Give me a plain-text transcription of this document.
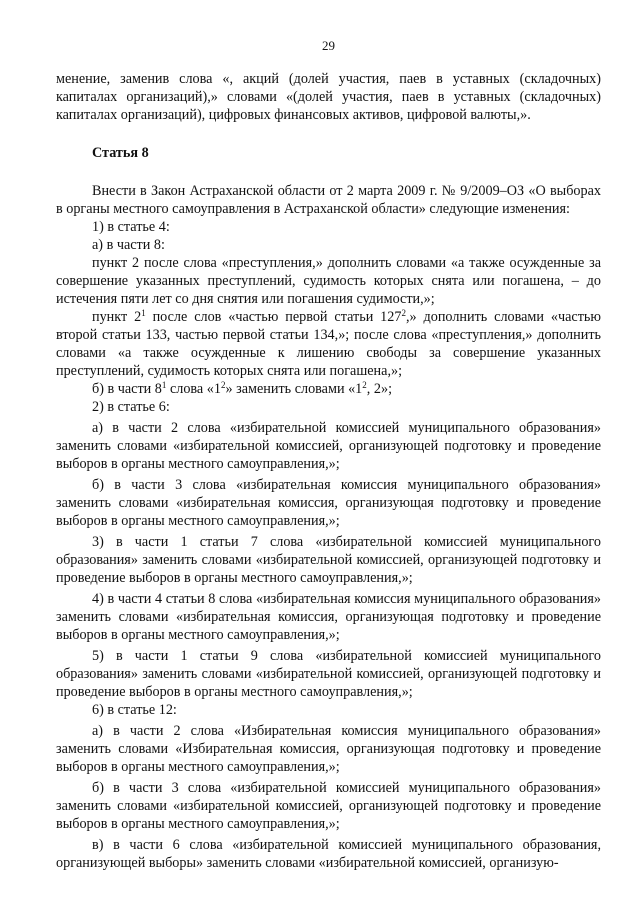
29

менение, заменив слова «, акций (долей участия, паев в уставных (складочных) капиталах организаций),» словами «(долей участия, паев в уставных (складочных) капиталах организаций), цифровых финансовых активов, цифровой валюты,».

Статья 8

Внести в Закон Астраханской области от 2 марта 2009 г. № 9/2009–ОЗ «О выборах в органы местного самоуправления в Астраханской области» следующие изменения:

1) в статье 4:

а) в части 8:

пункт 2 после слова «преступления,» дополнить словами «а также осужденные за совершение указанных преступлений, судимость которых снята или погашена, – до истечения пяти лет со дня снятия или погашения судимости,»;

пункт $2^1$ после слов «частью первой статьи $127^2$,» дополнить словами «частью второй статьи 133, частью первой статьи 134,»; после слова «преступления,» дополнить словами «а также осужденные к лишению свободы за совершение указанных преступлений, судимость которых снята или погашена,»;

б) в части $8^1$ слова «$1^2$» заменить словами «$1^2$, 2»;

2) в статье 6:

а) в части 2 слова «избирательной комиссией муниципального образования» заменить словами «избирательной комиссией, организующей подготовку и проведение выборов в органы местного самоуправления,»;

б) в части 3 слова «избирательная комиссия муниципального образования» заменить словами «избирательная комиссия, организующая подготовку и проведение выборов в органы местного самоуправления,»;

3) в части 1 статьи 7 слова «избирательной комиссией муниципального образования» заменить словами «избирательной комиссией, организующей подготовку и проведение выборов в органы местного самоуправления,»;

4) в части 4 статьи 8 слова «избирательная комиссия муниципального образования» заменить словами «избирательная комиссия, организующая подготовку и проведение выборов в органы местного самоуправления,»;

5) в части 1 статьи 9 слова «избирательной комиссией муниципального образования» заменить словами «избирательной комиссией, организующей подготовку и проведение выборов в органы местного самоуправления,»;

6) в статье 12:

а) в части 2 слова «Избирательная комиссия муниципального образования» заменить словами «Избирательная комиссия, организующая подготовку и проведение выборов в органы местного самоуправления,»;

б) в части 3 слова «избирательной комиссией муниципального образования» заменить словами «избирательной комиссией, организующей подготовку и проведение выборов в органы местного самоуправления,»;

в) в части 6 слова «избирательной комиссией муниципального образования, организующей выборы» заменить словами «избирательной комиссией, организую-
